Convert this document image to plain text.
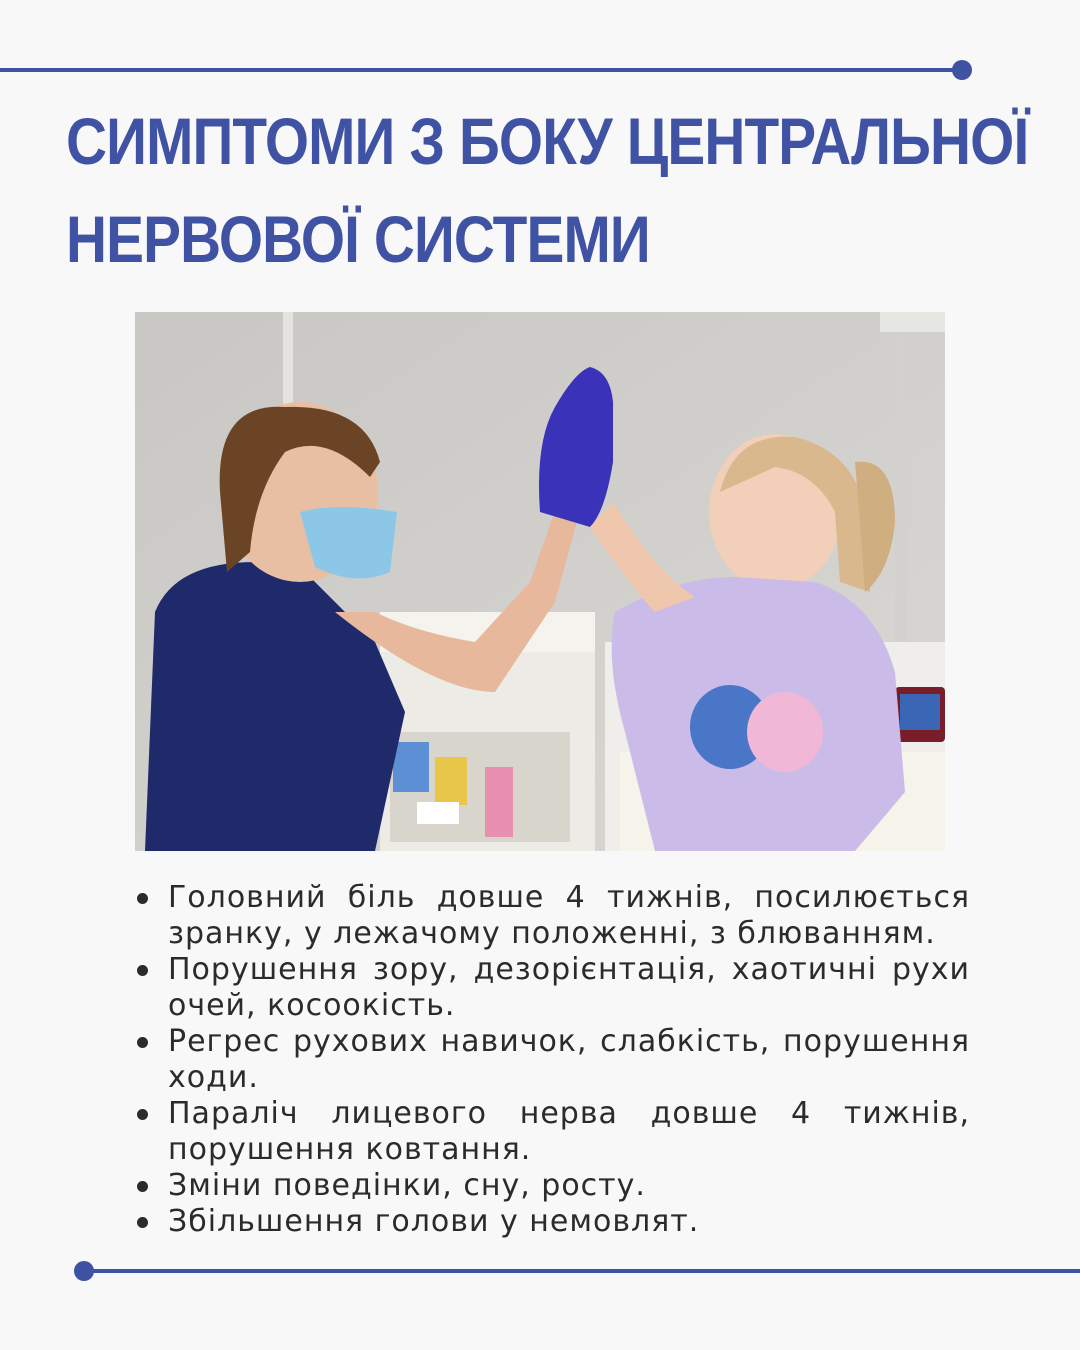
СИМПТОМИ З БОКУ ЦЕНТРАЛЬНОЇ
НЕРВОВОЇ СИСТЕМИ
Головний біль довше 4 тижнів, посилюється зранку, у лежачому положенні, з блюванням.
Порушення зору, дезорієнтація, хаотичні рухи очей, косоокість.
Регрес рухових навичок, слабкість, порушення ходи.
Параліч лицевого нерва довше 4 тижнів, порушення ковтання.
Зміни поведінки, сну, росту.
Збільшення голови у немовлят.
